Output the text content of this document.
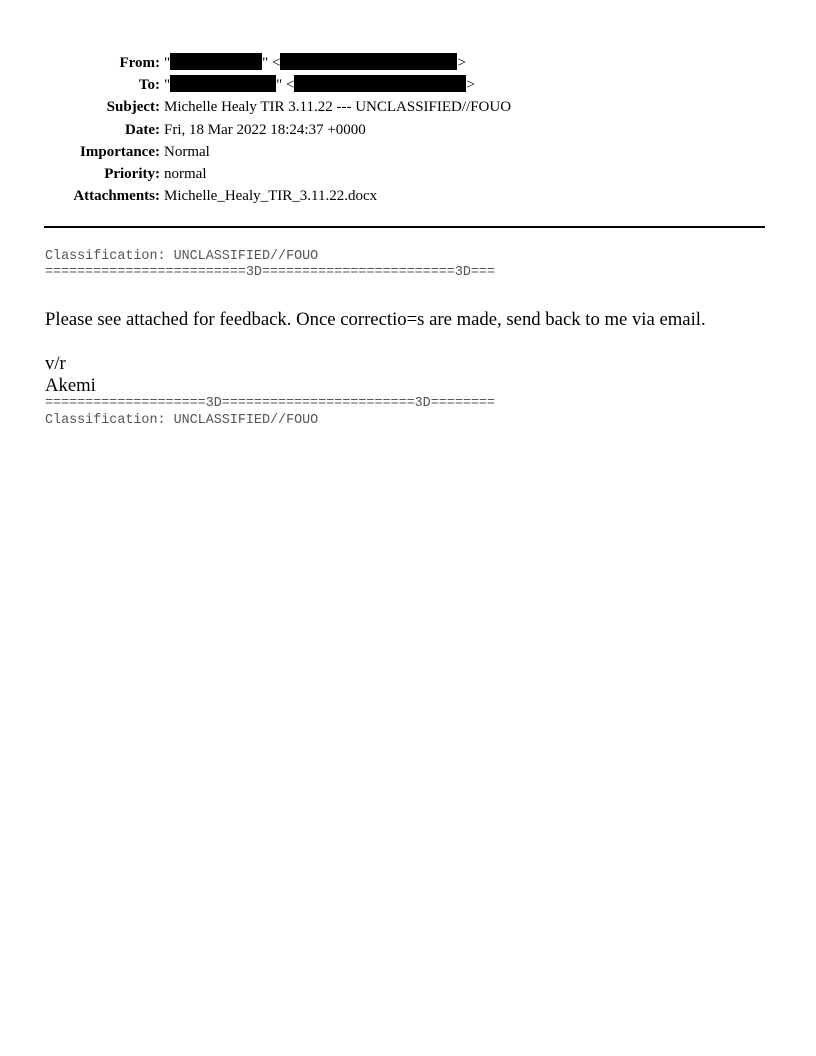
From:	" " < >
To:	" " < >
Subject:	Michelle Healy TIR 3.11.22 --- UNCLASSIFIED//FOUO
Date:	Fri, 18 Mar 2022 18:24:37 +0000
Importance:	Normal
Priority:	normal
Attachments:	Michelle_Healy_TIR_3.11.22.docx
Classification: UNCLASSIFIED//FOUO
=========================3D========================3D===

Please see attached for feedback. Once correctio=s are made, send back to me via email.

v/r

Akemi

====================3D========================3D========
Classification: UNCLASSIFIED//FOUO
